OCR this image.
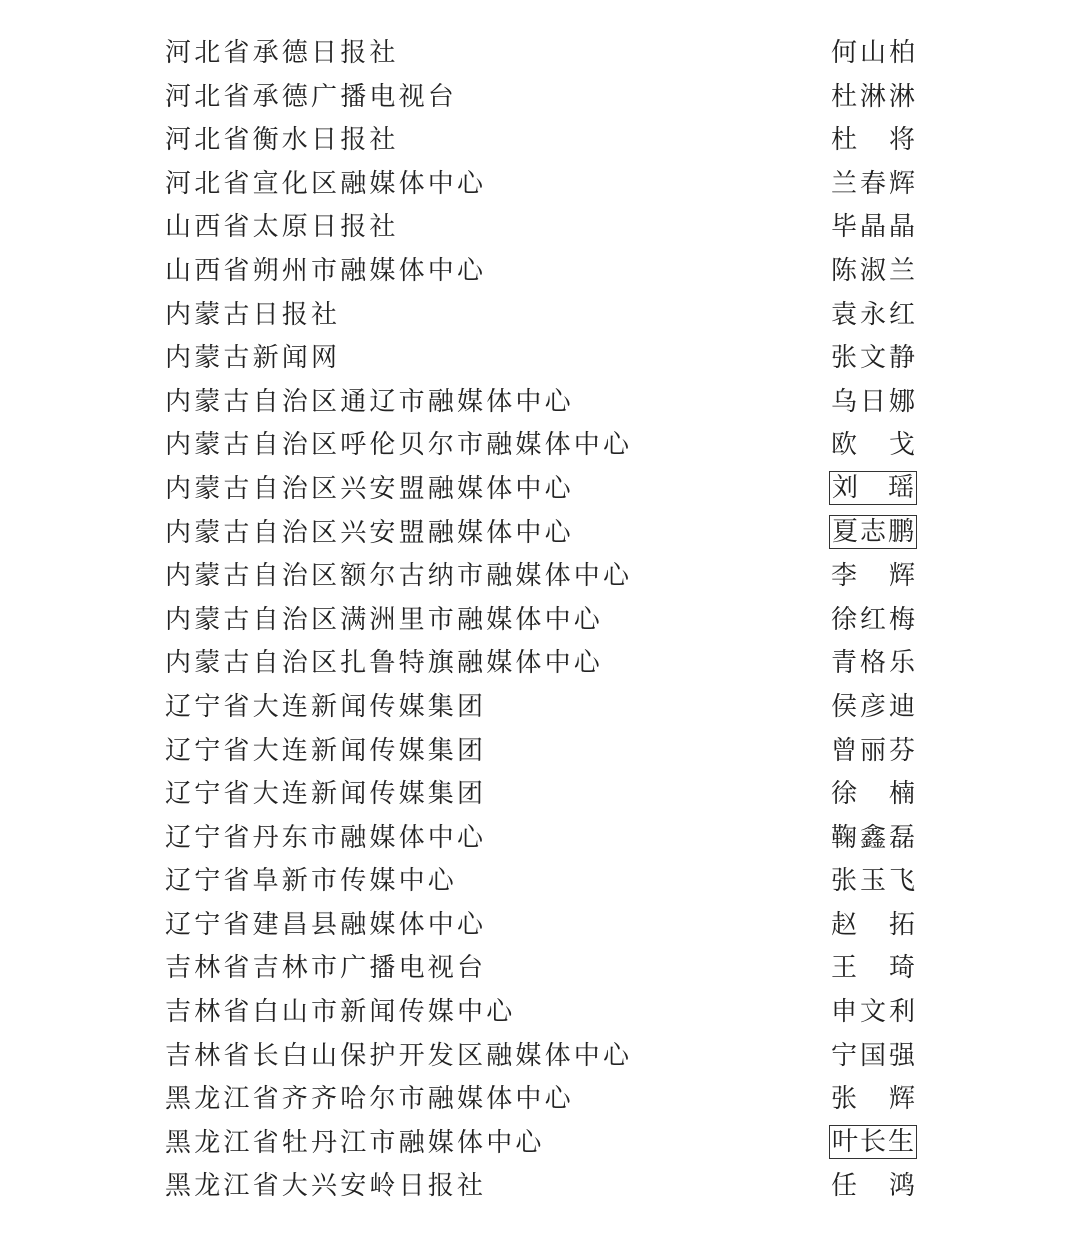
河北省承德日报社	何 山 柏
河北省承德广播电视台	杜 淋 淋
河北省衡水日报社	杜 将
河北省宣化区融媒体中心	兰 春 辉
山西省太原日报社	毕 晶 晶
山西省朔州市融媒体中心	陈 淑 兰
内蒙古日报社	袁 永 红
内蒙古新闻网	张 文 静
内蒙古自治区通辽市融媒体中心	乌 日 娜
内蒙古自治区呼伦贝尔市融媒体中心	欧 戈
内蒙古自治区兴安盟融媒体中心	刘 瑶
内蒙古自治区兴安盟融媒体中心	夏 志 鹏
内蒙古自治区额尔古纳市融媒体中心	李 辉
内蒙古自治区满洲里市融媒体中心	徐 红 梅
内蒙古自治区扎鲁特旗融媒体中心	青 格 乐
辽宁省大连新闻传媒集团	侯 彦 迪
辽宁省大连新闻传媒集团	曾 丽 芬
辽宁省大连新闻传媒集团	徐 楠
辽宁省丹东市融媒体中心	鞠 鑫 磊
辽宁省阜新市传媒中心	张 玉 飞
辽宁省建昌县融媒体中心	赵 拓
吉林省吉林市广播电视台	王 琦
吉林省白山市新闻传媒中心	申 文 利
吉林省长白山保护开发区融媒体中心	宁 国 强
黑龙江省齐齐哈尔市融媒体中心	张 辉
黑龙江省牡丹江市融媒体中心	叶 长 生
黑龙江省大兴安岭日报社	任 鸿
